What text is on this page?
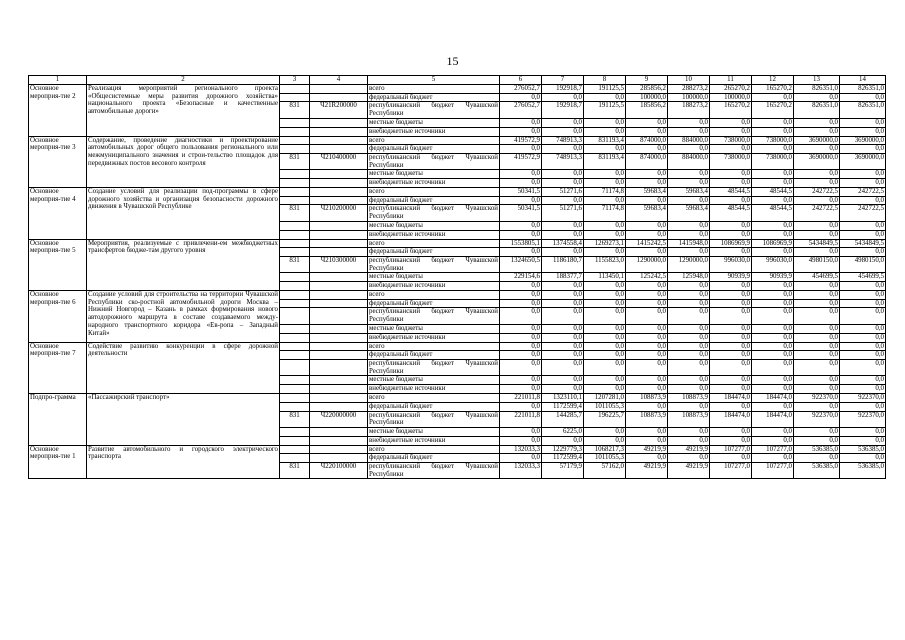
15
1	2	3	4	5	6	7	8	9	10	11	12	13	14
Основное мероприя-тие 2	Реализация мероприятий регионального проекта «Общесистемные меры развития дорожного хозяйства» национального проекта «Безопасные и качественные автомобильные дороги»			всего	276052,7	192918,7	191125,5	285856,2	288273,2	265270,2	165270,2	826351,0	826351,0
				федеральный бюджет	0,0	0,0	0,0	100000,0	100000,0	100000,0	0,0	0,0	0,0
		831	Ч21R200000	республиканский бюджет Чувашской Республики	276052,7	192918,7	191125,5	185856,2	188273,2	165270,2	165270,2	826351,0	826351,0
				местные бюджеты	0,0	0,0	0,0	0,0	0,0	0,0	0,0	0,0	0,0
				внебюджетные источники	0,0	0,0	0,0	0,0	0,0	0,0	0,0	0,0	0,0
Основное мероприя-тие 3	Содержание, проведение диагностики и проектирование автомобильных дорог общего пользования регионального или межмуниципального значения и строи-тельство площадок для передвижных постов весового контроля			всего	419572,9	748913,3	831193,4	874000,0	884000,0	738000,0	738000,0	3690000,0	3690000,0
				федеральный бюджет	0,0	0,0	0,0	0,0	0,0	0,0	0,0	0,0	0,0
		831	Ч210400000	республиканский бюджет Чувашской Республики	419572,9	748913,3	831193,4	874000,0	884000,0	738000,0	738000,0	3690000,0	3690000,0
				местные бюджеты	0,0	0,0	0,0	0,0	0,0	0,0	0,0	0,0	0,0
				внебюджетные источники	0,0	0,0	0,0	0,0	0,0	0,0	0,0	0,0	0,0
Основное мероприя-тие 4	Создание условий для реализации под-программы в сфере дорожного хозяйства и организация безопасности дорожного движения в Чувашской Республике			всего	50341,5	51271,6	71174,8	59683,4	59683,4	48544,5	48544,5	242722,5	242722,5
				федеральный бюджет	0,0	0,0	0,0	0,0	0,0	0,0	0,0	0,0	0,0
		831	Ч210200000	республиканский бюджет Чувашской Республики	50341,5	51271,6	71174,8	59683,4	59683,4	48544,5	48544,5	242722,5	242722,5
				местные бюджеты	0,0	0,0	0,0	0,0	0,0	0,0	0,0	0,0	0,0
				внебюджетные источники	0,0	0,0	0,0	0,0	0,0	0,0	0,0	0,0	0,0
Основное мероприя-тие 5	Мероприятия, реализуемые с привлечени-ем межбюджетных трансфертов бюдже-там другого уровня			всего	1553805,1	1374558,4	1269273,1	1415242,5	1415948,0	1086969,9	1086969,9	5434849,5	5434849,5
				федеральный бюджет	0,0	0,0	0,0	0,0	0,0	0,0	0,0	0,0	0,0
		831	Ч210300000	республиканский бюджет Чувашской Республики	1324650,5	1186180,7	1155823,0	1290000,0	1290000,0	996030,0	996030,0	4980150,0	4980150,0
				местные бюджеты	229154,6	188377,7	113450,1	125242,5	125948,0	90939,9	90939,9	454699,5	454699,5
				внебюджетные источники	0,0	0,0	0,0	0,0	0,0	0,0	0,0	0,0	0,0
Основное мероприя-тие 6	Создание условий для строительства на территории Чувашской Республики ско-ростной автомобильной дороги Москва – Нижний Новгород – Казань в рамках формирования нового автодорожного маршрута в составе создаваемого между-народного транспортного коридора «Ев-ропа – Западный Китай»			всего	0,0	0,0	0,0	0,0	0,0	0,0	0,0	0,0	0,0
				федеральный бюджет	0,0	0,0	0,0	0,0	0,0	0,0	0,0	0,0	0,0
				республиканский бюджет Чувашской Республики	0,0	0,0	0,0	0,0	0,0	0,0	0,0	0,0	0,0
				местные бюджеты	0,0	0,0	0,0	0,0	0,0	0,0	0,0	0,0	0,0
				внебюджетные источники	0,0	0,0	0,0	0,0	0,0	0,0	0,0	0,0	0,0
Основное мероприя-тие 7	Содействие развитию конкуренции в сфере дорожной деятельности			всего	0,0	0,0	0,0	0,0	0,0	0,0	0,0	0,0	0,0
				федеральный бюджет	0,0	0,0	0,0	0,0	0,0	0,0	0,0	0,0	0,0
				республиканский бюджет Чувашской Республики	0,0	0,0	0,0	0,0	0,0	0,0	0,0	0,0	0,0
				местные бюджеты	0,0	0,0	0,0	0,0	0,0	0,0	0,0	0,0	0,0
				внебюджетные источники	0,0	0,0	0,0	0,0	0,0	0,0	0,0	0,0	0,0
Подпро-грамма	«Пассажирский транспорт»			всего	221011,8	1323110,1	1207281,0	108873,9	108873,9	184474,0	184474,0	922370,0	922370,0
				федеральный бюджет	0,0	1172599,4	1011055,3	0,0	0,0	0,0	0,0	0,0	0,0
		831	Ч220000000	республиканский бюджет Чувашской Республики	221011,8	144285,7	196225,7	108873,9	108873,9	184474,0	184474,0	922370,0	922370,0
				местные бюджеты	0,0	6225,0	0,0	0,0	0,0	0,0	0,0	0,0	0,0
				внебюджетные источники	0,0	0,0	0,0	0,0	0,0	0,0	0,0	0,0	0,0
Основное мероприя-тие 1	Развитие автомобильного и городского электрического транспорта			всего	132033,3	1229779,3	1068217,3	49219,9	49219,9	107277,0	107277,0	536385,0	536385,0
				федеральный бюджет	0,0	1172599,4	1011055,3	0,0	0,0	0,0	0,0	0,0	0,0
		831	Ч220100000	республиканский бюджет Чувашской Республики	132033,3	57179,9	57162,0	49219,9	49219,9	107277,0	107277,0	536385,0	536385,0
